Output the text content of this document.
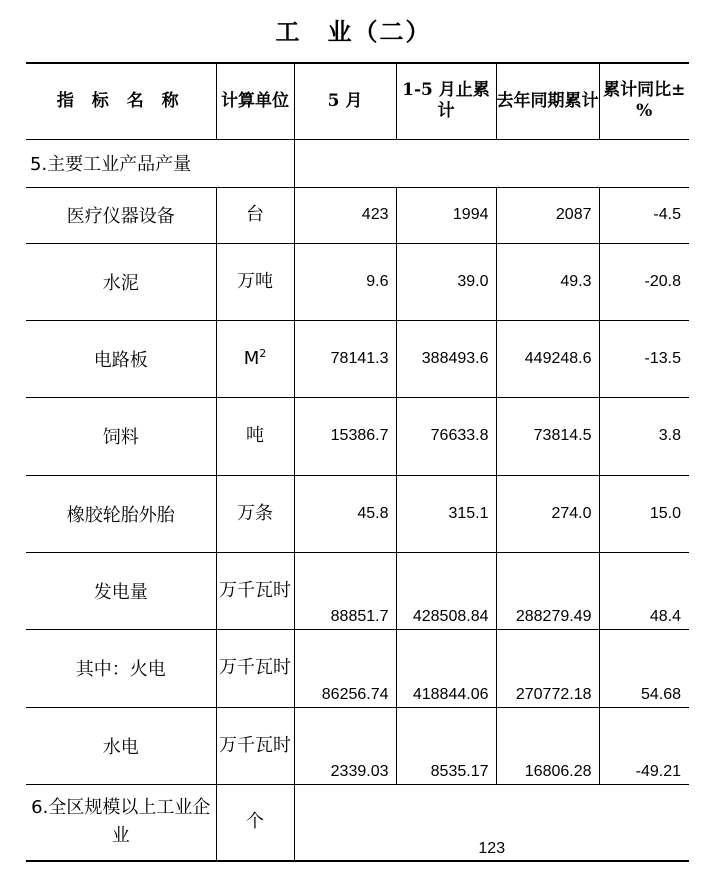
工　业（二）
指 标 名 称	计算单位	5 月	1-5 月止累计	去年同期累计	累计同比±%
5.主要工业产品产量					
医疗仪器设备	台	423	1994	2087	-4.5
水泥	万吨	9.6	39.0	49.3	-20.8
电路板	$M^2$	78141.3	388493.6	449248.6	-13.5
饲料	吨	15386.7	76633.8	73814.5	3.8
橡胶轮胎外胎	万条	45.8	315.1	274.0	15.0
发电量	万千瓦时	88851.7	428508.84	288279.49	48.4
其中：火电	万千瓦时	86256.74	418844.06	270772.18	54.68
水电	万千瓦时	2339.03	8535.17	16806.28	-49.21
6.全区规模以上工业企业	个	123			
